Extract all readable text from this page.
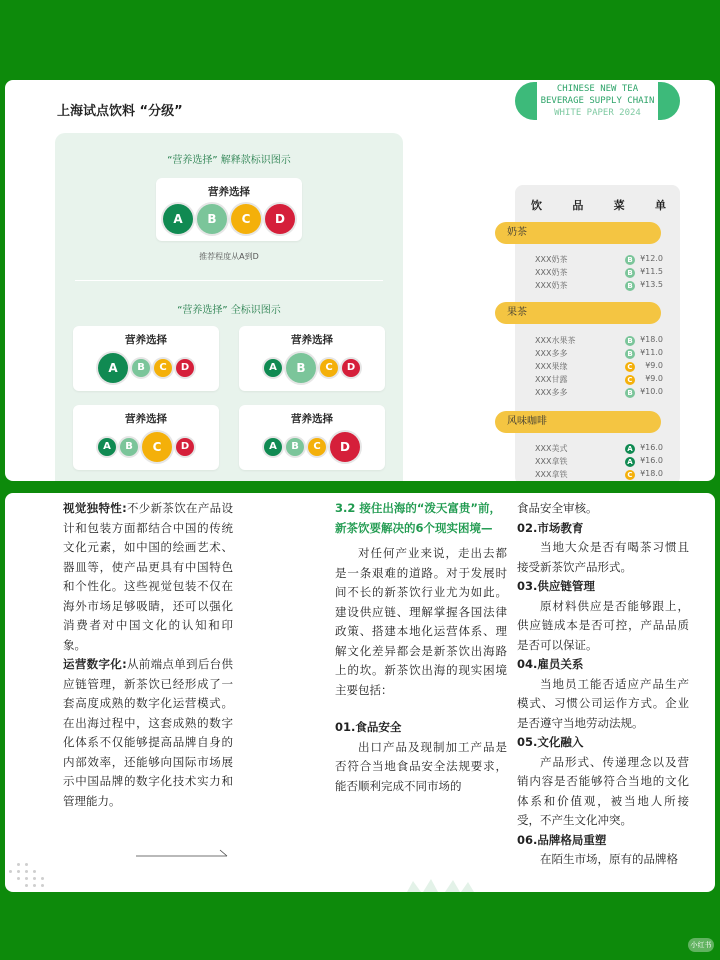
上海试点饮料 “分级”
CHINESE NEW TEA
BEVERAGE SUPPLY CHAIN
WHITE PAPER 2024
“营养选择” 解释款标识图示
营养选择
A B C D
推荐程度从A到D
“营养选择” 全标识图示
营养选择
A B C D
营养选择
A B C D
营养选择
A B C D
营养选择
A B C D
饮	品	菜	单
奶茶
XXX奶茶	B ¥12.0
XXX奶茶	B ¥11.5
XXX奶茶	B ¥13.5
果茶
XXX水果茶	B ¥18.0
XXX多多	B ¥11.0
XXX果缘	C	¥9.0
XXX甘露	C	¥9.0
XXX多多	B ¥10.0
风味咖啡
XXX美式	A ¥16.0
XXX拿铁	A ¥16.0
XXX拿铁	C ¥18.0

视觉独特性:不少新茶饮在产品设计和包装方面都结合中国的传统文化元素，如中国的绘画艺术、器皿等，使产品更具有中国特色和个性化。这些视觉包装不仅在海外市场足够吸睛，还可以强化消费者对中国文化的认知和印象。

运营数字化:从前端点单到后台供应链管理，新茶饮已经形成了一套高度成熟的数字化运营模式。在出海过程中，这套成熟的数字化体系不仅能够提高品牌自身的内部效率，还能够向国际市场展示中国品牌的数字化技术实力和管理能力。

3.2 接住出海的“泼天富贵”前，新茶饮要解决的6个现实困境—

对任何产业来说，走出去都是一条艰难的道路。对于发展时间不长的新茶饮行业尤为如此。建设供应链、理解掌握各国法律政策、搭建本地化运营体系、理解文化差异都会是新茶饮出海路上的坎。新茶饮出海的现实困境主要包括：

01.食品安全

出口产品及现制加工产品是否符合当地食品安全法规要求，能否顺利完成不同市场的

食品安全审核。

02.市场教育

当地大众是否有喝茶习惯且接受新茶饮产品形式。

03.供应链管理

原材料供应是否能够跟上，供应链成本是否可控，产品品质是否可以保证。

04.雇员关系

当地员工能否适应产品生产模式、习惯公司运作方式。企业是否遵守当地劳动法规。

05.文化融入

产品形式、传递理念以及营销内容是否能够符合当地的文化体系和价值观，被当地人所接受，不产生文化冲突。

06.品牌格局重塑

在陌生市场，原有的品牌格

小红书
